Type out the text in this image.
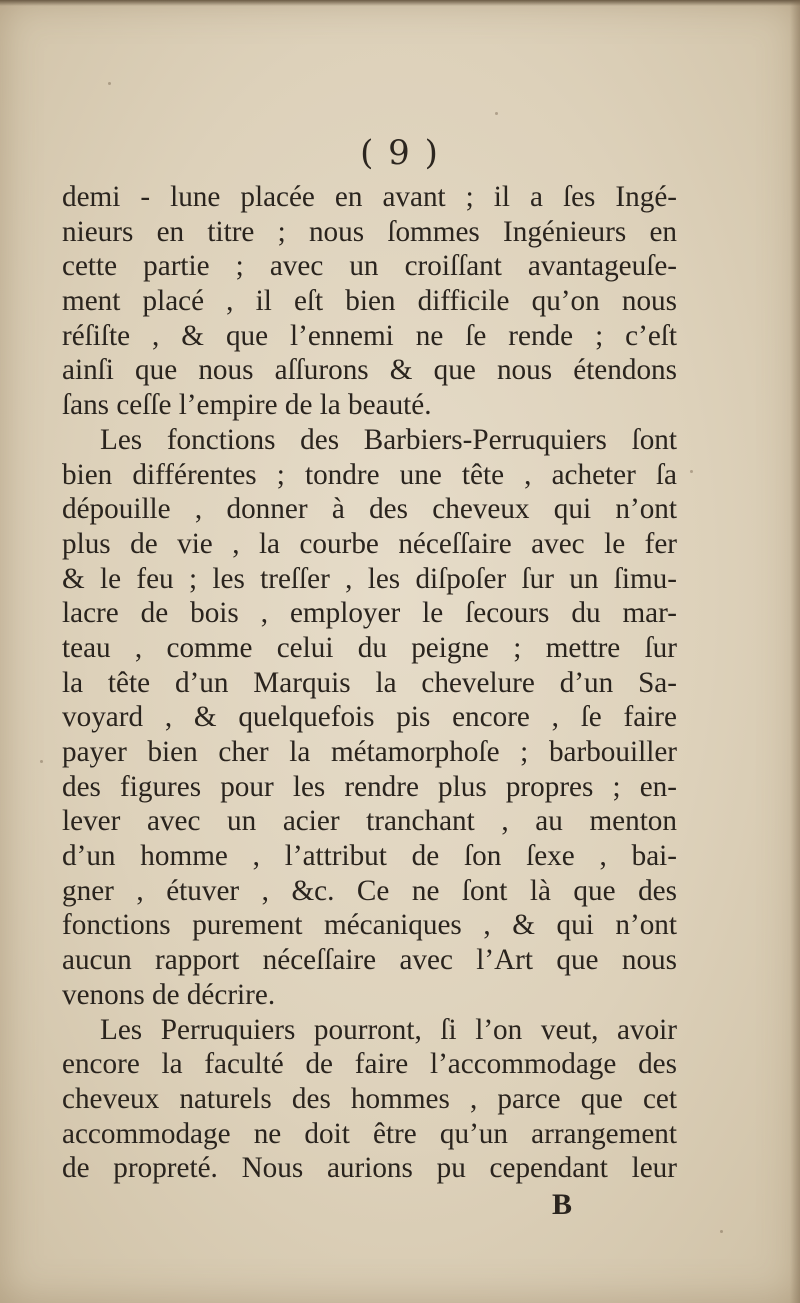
( 9 )
demi - lune placée en avant ; il a ſes Ingé-
nieurs en titre ; nous ſommes Ingénieurs en
cette partie ; avec un croiſſant avantageuſe-
ment placé , il eſt bien difficile qu’on nous
réſiſte , & que l’ennemi ne ſe rende ; c’eſt
ainſi que nous aſſurons & que nous étendons
ſans ceſſe l’empire de la beauté.
Les fonctions des Barbiers-Perruquiers ſont
bien différentes ; tondre une tête , acheter ſa
dépouille , donner à des cheveux qui n’ont
plus de vie , la courbe néceſſaire avec le fer
& le feu ; les treſſer , les diſpoſer ſur un ſimu-
lacre de bois , employer le ſecours du mar-
teau , comme celui du peigne ; mettre ſur
la tête d’un Marquis la chevelure d’un Sa-
voyard , & quelquefois pis encore , ſe faire
payer bien cher la métamorphoſe ; barbouiller
des figures pour les rendre plus propres ; en-
lever avec un acier tranchant , au menton
d’un homme , l’attribut de ſon ſexe , bai-
gner , étuver , &c. Ce ne ſont là que des
fonctions purement mécaniques , & qui n’ont
aucun rapport néceſſaire avec l’Art que nous
venons de décrire.
Les Perruquiers pourront, ſi l’on veut, avoir
encore la faculté de faire l’accommodage des
cheveux naturels des hommes , parce que cet
accommodage ne doit être qu’un arrangement
de propreté. Nous aurions pu cependant leur
B
